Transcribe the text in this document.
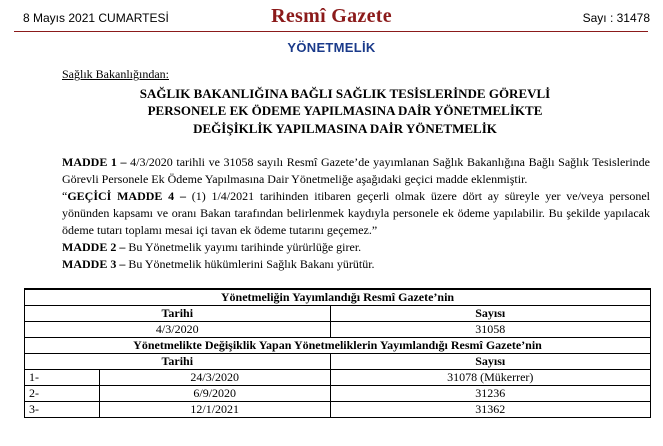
8 Mayıs 2021 CUMARTESİ	Resmî Gazete	Sayı : 31478
YÖNETMELİK
Sağlık Bakanlığından:
SAĞLIK BAKANLIĞINA BAĞLI SAĞLIK TESİSLERİNDE GÖREVLİ
PERSONELE EK ÖDEME YAPILMASINA DAİR YÖNETMELİKTE
DEĞİŞİKLİK YAPILMASINA DAİR YÖNETMELİK
MADDE 1 – 4/3/2020 tarihli ve 31058 sayılı Resmî Gazete’de yayımlanan Sağlık Bakanlığına Bağlı Sağlık Tesislerinde Görevli Personele Ek Ödeme Yapılmasına Dair Yönetmeliğe aşağıdaki geçici madde eklenmiştir.
“GEÇİCİ MADDE 4 – (1) 1/4/2021 tarihinden itibaren geçerli olmak üzere dört ay süreyle yer ve/veya personel yönünden kapsamı ve oranı Bakan tarafından belirlenmek kaydıyla personele ek ödeme yapılabilir. Bu şekilde yapılacak ödeme tutarı toplamı mesai içi tavan ek ödeme tutarını geçemez.”
MADDE 2 – Bu Yönetmelik yayımı tarihinde yürürlüğe girer.
MADDE 3 – Bu Yönetmelik hükümlerini Sağlık Bakanı yürütür.
Yönetmeliğin Yayımlandığı Resmî Gazete’nin		
Tarihi		Sayısı
4/3/2020		31058
Yönetmelikte Değişiklik Yapan Yönetmeliklerin Yayımlandığı Resmî Gazete’nin		
Tarihi		Sayısı
1-	24/3/2020	31078 (Mükerrer)
2-	6/9/2020	31236
3-	12/1/2021	31362
